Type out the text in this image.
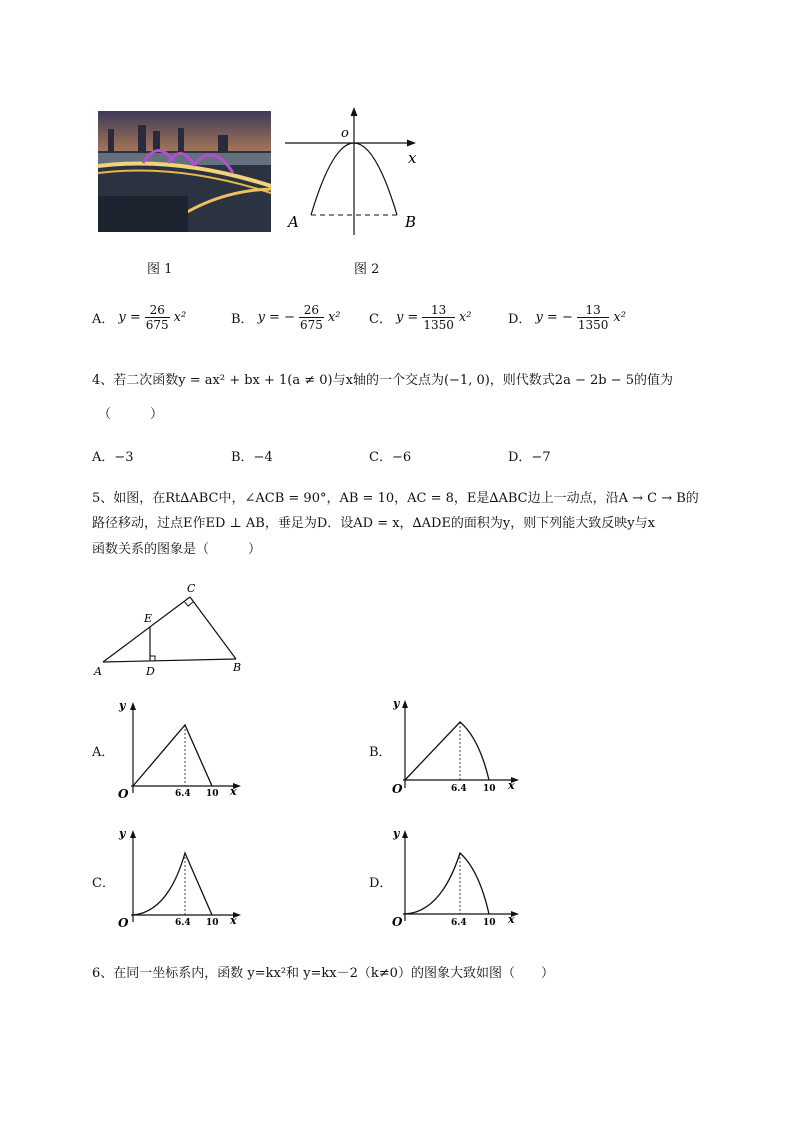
o
x
A	B
图 1	图 2
A． $y = \frac{26}{675} x^2$	B． y = − $\frac{26}{675} x^2$ C． $y = \frac{13}{1350} x^2$	D． y = − $\frac{13}{1350} x^2$
4、若二次函数y = ax² + bx + 1(a ≠ 0)与x轴的一个交点为(−1, 0)，则代数式2a − 2b − 5的值为
（　　　）
A．−3	B．−4	C．−6	D．−7
5、如图，在Rt∆ABC中，∠ACB = 90°，AB = 10，AC = 8，E是∆ABC边上一动点，沿A → C → B的
路径移动，过点E作ED ⊥ AB，垂足为D．设AD = x，∆ADE的面积为y，则下列能大致反映y与x
函数关系的图象是（　　　）
A	B
C
D
E
A．	B．
C．	D．
y
x
O	6.4 10
y
x
O	6.4 10
y
x
O	6.4 10
y
x
O	6.4 10
6、在同一坐标系内，函数 y=kx²和 y=kx－2（k≠0）的图象大致如图（　　）
